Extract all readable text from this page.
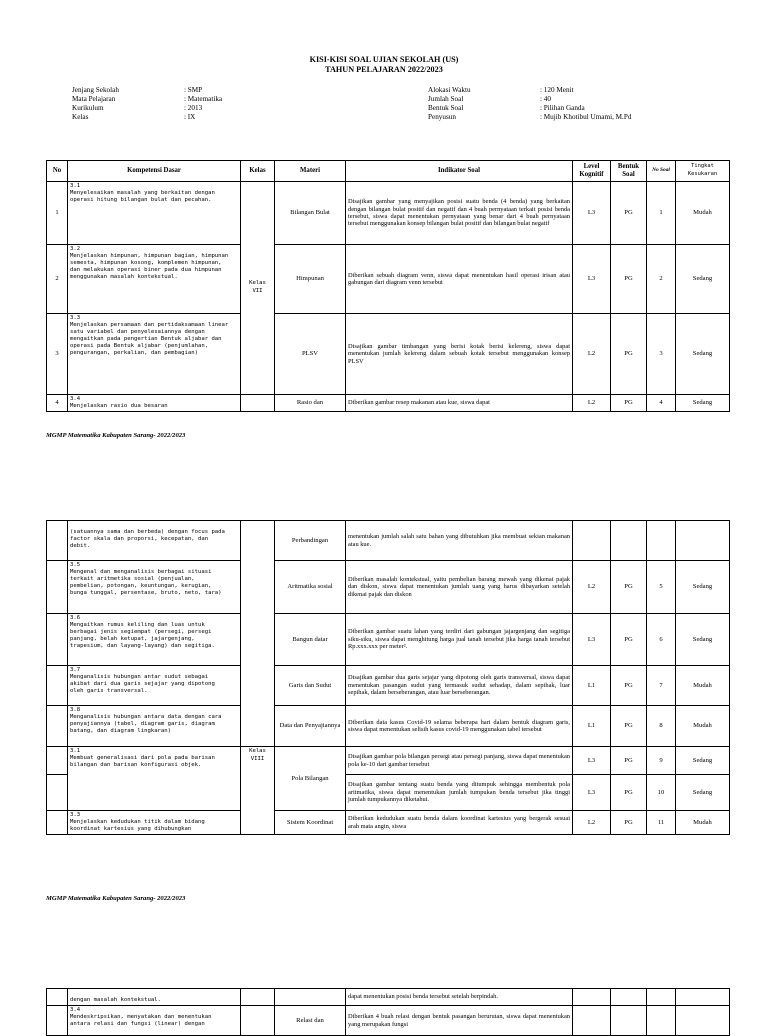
KISI-KISI SOAL UJIAN SEKOLAH (US)
TAHUN PELAJARAN 2022/2023
Jenjang Sekolah	: SMP
Mata Pelajaran	: Matematika
Kurikulum	: 2013
Kelas	: IX
Alokasi Waktu	: 120 Menit
Jumlah Soal	: 40
Bentuk Soal	: Pilihan Ganda
Penyusun	: Mujib Khotibul Umami, M.Pd
No	Kompetensi Dasar	Kelas	Materi	Indikator Soal	Level Kognitif	Bentuk Soal	No Soal	Tingkat Kesukaran
1	3.1Menyelesaikan masalah yang berkaitan dengan operasi hitung bilangan bulat dan pecahan.	Kelas VII	Bilangan Bulat	Disajikan gambar yang menyajikan posisi suatu benda (4 benda) yang berkaitan dengan bilangan bulat positif dan negatif dan 4 buah pernyataan terkait posisi benda tersebut, siswa dapat menentukan pernyataan yang benar dari 4 buah pernyataan tersebut menggunakan konsep bilangan bulat positif dan bilangan bulat negatif	L3	PG	1	Mudah
2	3.2Menjelaskan himpunan, himpunan bagian, himpunan semesta, himpunan kosong, komplemen himpunan, dan melakukan operasi biner pada dua himpunan menggunakan masalah kontekstual.		Himpunan	Diberikan sebuah diagram venn, siswa dapat menentukan hasil operasi irisan atau gabungan dari diagram venn tersebut	L3	PG	2	Sedang
3	3.3Menjelaskan persamaan dan pertidaksamaan linear satu variabel dan penyelesaiannya dengan mengaitkan pada pengertian Bentuk aljabar dan operasi pada Bentuk aljabar (penjumlahan, pengurangan, perkalian, dan pembagian)		PLSV	Disajikan gambar timbangan yang berisi kotak berisi kelereng, siswa dapat menentukan jumlah kelereng dalam sebuah kotak tersebut menggunakan konsep PLSV	L2	PG	3	Sedang
4	3.4Menjelaskan rasio dua besaran		Rasio dan	Diberikan gambar resep makanan atau kue, siswa dapat	L2	PG	4	Sedang
MGMP Matematika Kabupaten Sarang- 2022/2023
	(satuannya sama dan berbeda) dengan focus pada factor skala dan proporsi, kecepatan, dan debit.		Perbandingan	menentukan jumlah salah satu bahan yang dibutuhkan jika membuat sekian makanan atau kue.				
	3.5Mengenal dan menganalisis berbagai situasi terkait aritmetika sosial (penjualan, pembelian, potongan, keuntungan, kerugian, bunga tunggal, persentase, bruto, neto, tara)		Aritmatika sosial	Diberikan masalah kontekstual, yaitu pembelian barang mewah yang dikenai pajak dan diskon, siswa dapat menentukan jumlah uang yang harus dibayarkan setelah dikenai pajak dan diskon	L2	PG	5	Sedang
	3.6Mengaitkan rumus keliling dan luas untuk berbagai jenis segiempat (persegi, persegi panjang, belah ketupat, jajargenjang, trapesium, dan layang-layang) dan segitiga.		Bangun datar	Diberikan gambar suatu lahan yang terdiri dari gabungan jajargenjang dan segitiga siku-siku, siswa dapat menghitung harga jual tanah tersebut jika harga tanah tersebut Rp.xxx.xxx per meter².	L3	PG	6	Sedang
	3.7Menganalisis hubungan antar sudut sebagai akibat dari dua garis sejajar yang dipotong oleh garis transversal.		Garis dan Sudut	Disajikan gambar dua garis sejajar yang dipotong oleh garis transversal, siswa dapat menentukan pasangan sudut yang termasuk sudut sehadap, dalam sepihak, luar sepihak, dalam berseberangan, atau luar berseberangan.	L1	PG	7	Mudah
	3.8Menganalisis hubungan antara data dengan cara penyajiannya (tabel, diagram garis, diagram batang, dan diagram lingkaran)		Data dan Penyajiannya	Diberikan data kasus Covid-19 selama beberapa hari dalam bentuk diagram garis, siswa dapat menentukan selisih kasus covid-19 menggunakan tabel tersebut	L1	PG	8	Mudah
	3.1Membuat generalisasi dari pola pada barisan bilangan dan barisan konfigurasi objek.	Kelas VIII	Pola Bilangan	Disajikan gambar pola bilangan persegi atau persegi panjang, siswa dapat menentukan pola ke-10 dari gambar tersebut	L3	PG	9	Sedang
				Disajikan gambar tentang suatu benda yang ditumpuk sehingga membentuk pola aritmatika, siswa dapat menentukan jumlah tumpukan benda tersebut jika tinggi jumlah tumpukannya diketahui.	L3	PG	10	Sedang
	3.3Menjelaskan kedudukan titik dalam bidang koordinat kartesius yang dihubungkan		Sistem Koordinat	Diberikan kedudukan suatu benda dalam koordinat kartesius yang bergerak sesuai arah mata angin, siswa	L2	PG	11	Mudah
MGMP Matematika Kabupaten Sarang- 2022/2023
	dengan masalah kontekstual.			dapat menentukan posisi benda tersebut setelah berpindah.				
	3.4Mendeskripsikan, menyatakan dan menentukan antara relasi dan fungsi (linear) dengan		Relasi dan	Diberikan 4 buah relasi dengan bentuk pasangan berurutan, siswa dapat menentukan yang merupakan fungsi				
